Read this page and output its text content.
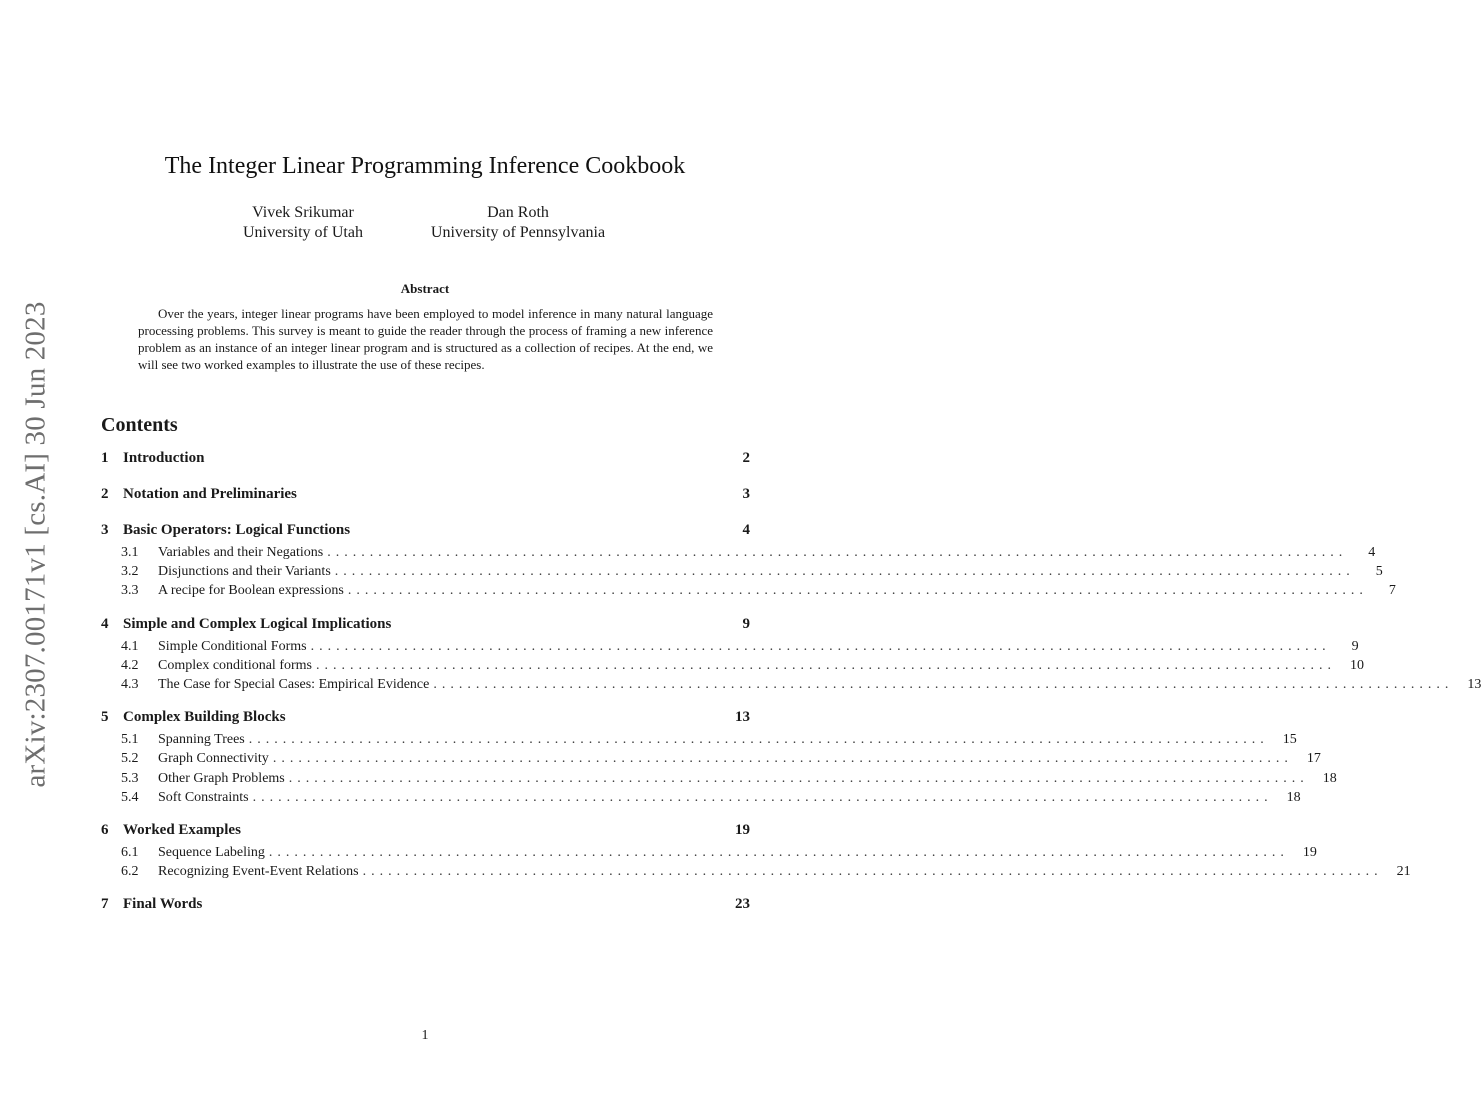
arXiv:2307.00171v1 [cs.AI] 30 Jun 2023
The Integer Linear Programming Inference Cookbook
Vivek Srikumar
University of Utah
Dan Roth
University of Pennsylvania
Abstract
Over the years, integer linear programs have been employed to model inference in many natural language processing problems. This survey is meant to guide the reader through the process of framing a new inference problem as an instance of an integer linear program and is structured as a collection of recipes. At the end, we will see two worked examples to illustrate the use of these recipes.
Contents
1 Introduction	2
2 Notation and Preliminaries	3
3 Basic Operators: Logical Functions	4
3.1	Variables and their Negations ........................................................................................................................	4
3.2	Disjunctions and their Variants ........................................................................................................................	5
3.3	A recipe for Boolean expressions ........................................................................................................................	7
4 Simple and Complex Logical Implications	9
4.1	Simple Conditional Forms ........................................................................................................................	9
4.2	Complex conditional forms ........................................................................................................................ 10
4.3	The Case for Special Cases: Empirical Evidence ........................................................................................................................ 13
5 Complex Building Blocks	13
5.1	Spanning Trees ........................................................................................................................ 15
5.2	Graph Connectivity ........................................................................................................................ 17
5.3	Other Graph Problems ........................................................................................................................ 18
5.4	Soft Constraints ........................................................................................................................ 18
6 Worked Examples	19
6.1	Sequence Labeling ........................................................................................................................ 19
6.2	Recognizing Event-Event Relations ........................................................................................................................ 21
7 Final Words	23
1
